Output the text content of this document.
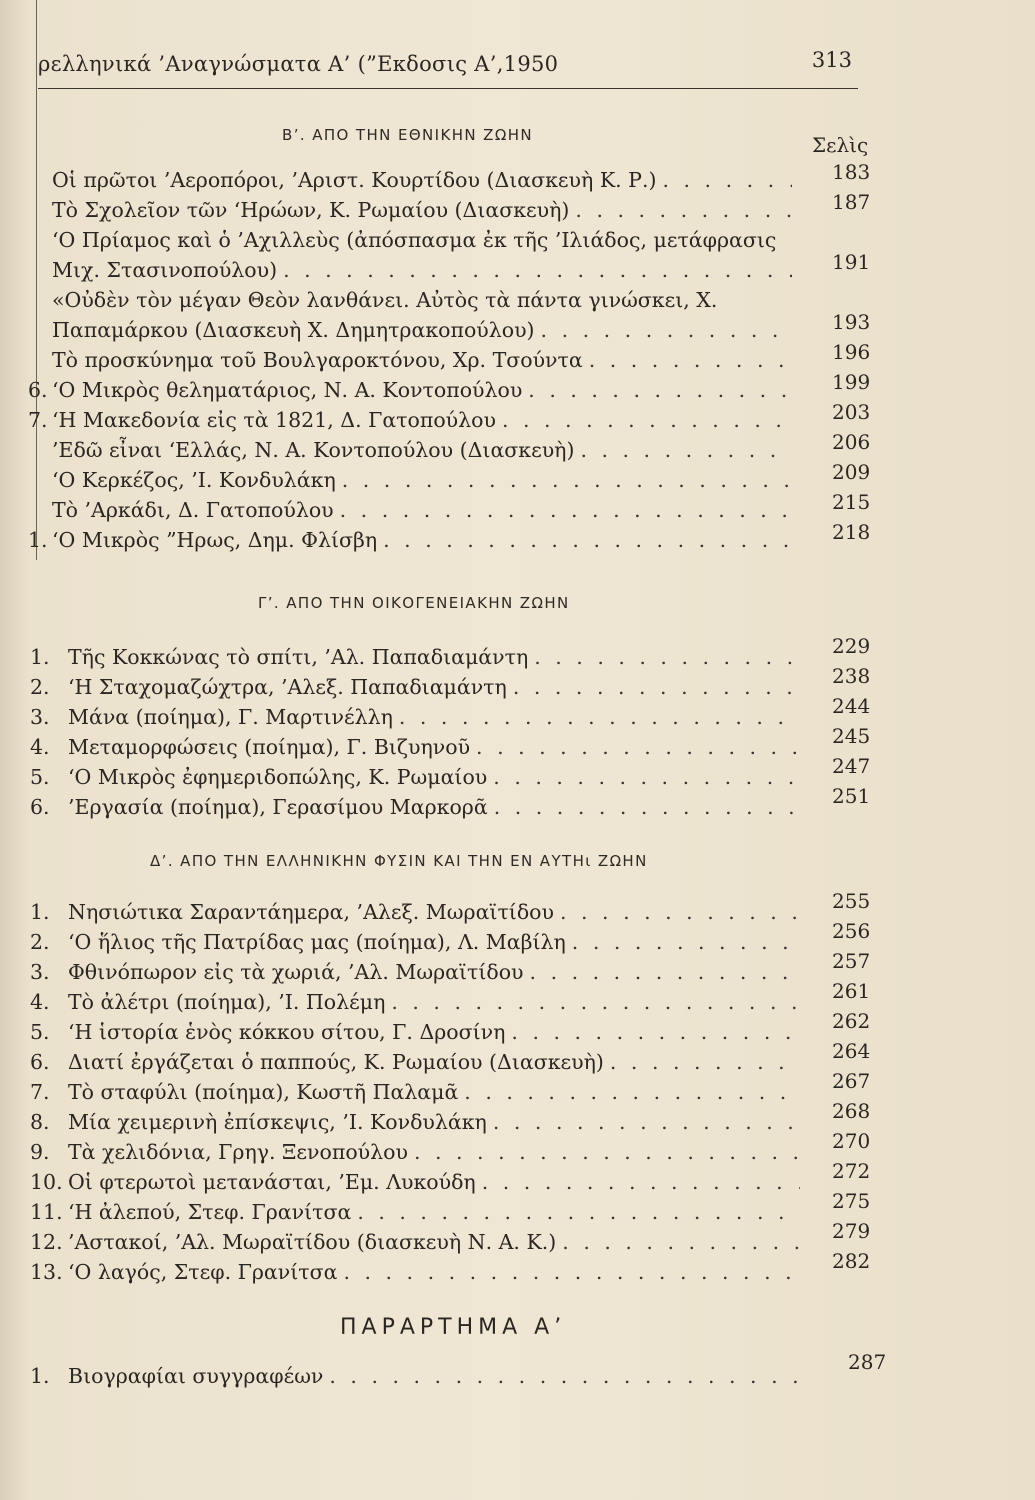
ρελληνικά ’Αναγνώσματα Α’ (”Εκδοσις Α’,1950	313
Β’. ΑΠΟ ΤΗΝ ΕΘΝΙΚΗΝ ΖΩΗΝ	Σελὶς
Οἱ πρῶτοι ’Αεροπόροι, ’Αριστ. Κουρτίδου (Διασκευὴ Κ. Ρ.)
. . .
Τὸ Σχολεῖον τῶν ‘Ηρώων, Κ. Ρωμαίου (Διασκευὴ)
. . .
‘Ο Πρίαμος καὶ ὁ ’Αχιλλεὺς (ἀπόσπασμα ἐκ τῆς ’Ιλιάδος, μετάφρασις
Μιχ. Στασινοπούλου)
. . .
«Οὐδὲν τὸν μέγαν Θεὸν λανθάνει. Αὐτὸς τὰ πάντα γινώσκει, Χ.
Παπαμάρκου (Διασκευὴ Χ. Δημητρακοπούλου)
. . .
Τὸ προσκύνημα τοῦ Βουλγαροκτόνου, Χρ. Τσούντα
. . .
6. ‘Ο Μικρὸς θεληματάριος, Ν. Α. Κοντοπούλου
. . .
7. ‘Η Μακεδονία εἰς τὰ 1821, Δ. Γατοπούλου
. . .
’Εδῶ εἶναι ‘Ελλάς, Ν. Α. Κοντοπούλου (Διασκευὴ)
. . .
‘Ο Κερκέζος, ’Ι. Κονδυλάκη
. . .
Τὸ ’Αρκάδι, Δ. Γατοπούλου
. . .
1. ‘Ο Μικρὸς ”Ηρως, Δημ. Φλίσβη
. . .
183
187
191
193
196
199
203
206
209
215
218
Γ’. ΑΠΟ ΤΗΝ ΟΙΚΟΓΕΝΕΙΑΚΗΝ ΖΩΗΝ
1. Τῆς Κοκκώνας τὸ σπίτι, ’Αλ. Παπαδιαμάντη
. . .
2. ‘Η Σταχομαζώχτρα, ’Αλεξ. Παπαδιαμάντη
. . .
3. Μάνα (ποίημα), Γ. Μαρτινέλλη
. . .
4. Μεταμορφώσεις (ποίημα), Γ. Βιζυηνοῦ
. . .
5. ‘Ο Μικρὸς ἐφημεριδοπώλης, Κ. Ρωμαίου
. . .
6. ’Εργασία (ποίημα), Γερασίμου Μαρκορᾶ
. . .
229
238
244
245
247
251
Δ’. ΑΠΟ ΤΗΝ ΕΛΛΗΝΙΚΗΝ ΦΥΣΙΝ ΚΑΙ ΤΗΝ ΕΝ ΑΥΤΗι ΖΩΗΝ
1. Νησιώτικα Σαραντάημερα, ’Αλεξ. Μωραϊτίδου
. . .
2. ‘Ο ἥλιος τῆς Πατρίδας μας (ποίημα), Λ. Μαβίλη
. . .
3. Φθινόπωρον εἰς τὰ χωριά, ’Αλ. Μωραϊτίδου
. . .
4. Τὸ ἀλέτρι (ποίημα), ’Ι. Πολέμη
. . .
5. ‘Η ἱστορία ἑνὸς κόκκου σίτου, Γ. Δροσίνη
. . .
6. Διατί ἐργάζεται ὁ παππούς, Κ. Ρωμαίου (Διασκευὴ)
. . .
7. Τὸ σταφύλι (ποίημα), Κωστῆ Παλαμᾶ
. . .
8. Μία χειμερινὴ ἐπίσκεψις, ’Ι. Κονδυλάκη
. . .
9. Τὰ χελιδόνια, Γρηγ. Ξενοπούλου
. . .
10. Οἱ φτερωτοὶ μετανάσται, ’Εμ. Λυκούδη
. . .
11. ‘Η ἀλεπού, Στεφ. Γρανίτσα
. . .
12. ’Αστακοί, ’Αλ. Μωραϊτίδου (διασκευὴ Ν. Α. Κ.)
. . .
13. ‘Ο λαγός, Στεφ. Γρανίτσα
. . .
255
256
257
261
262
264
267
268
270
272
275
279
282
ΠΑΡΑΡΤΗΜΑ Α’
1. Βιογραφίαι συγγραφέων
. . .
287
